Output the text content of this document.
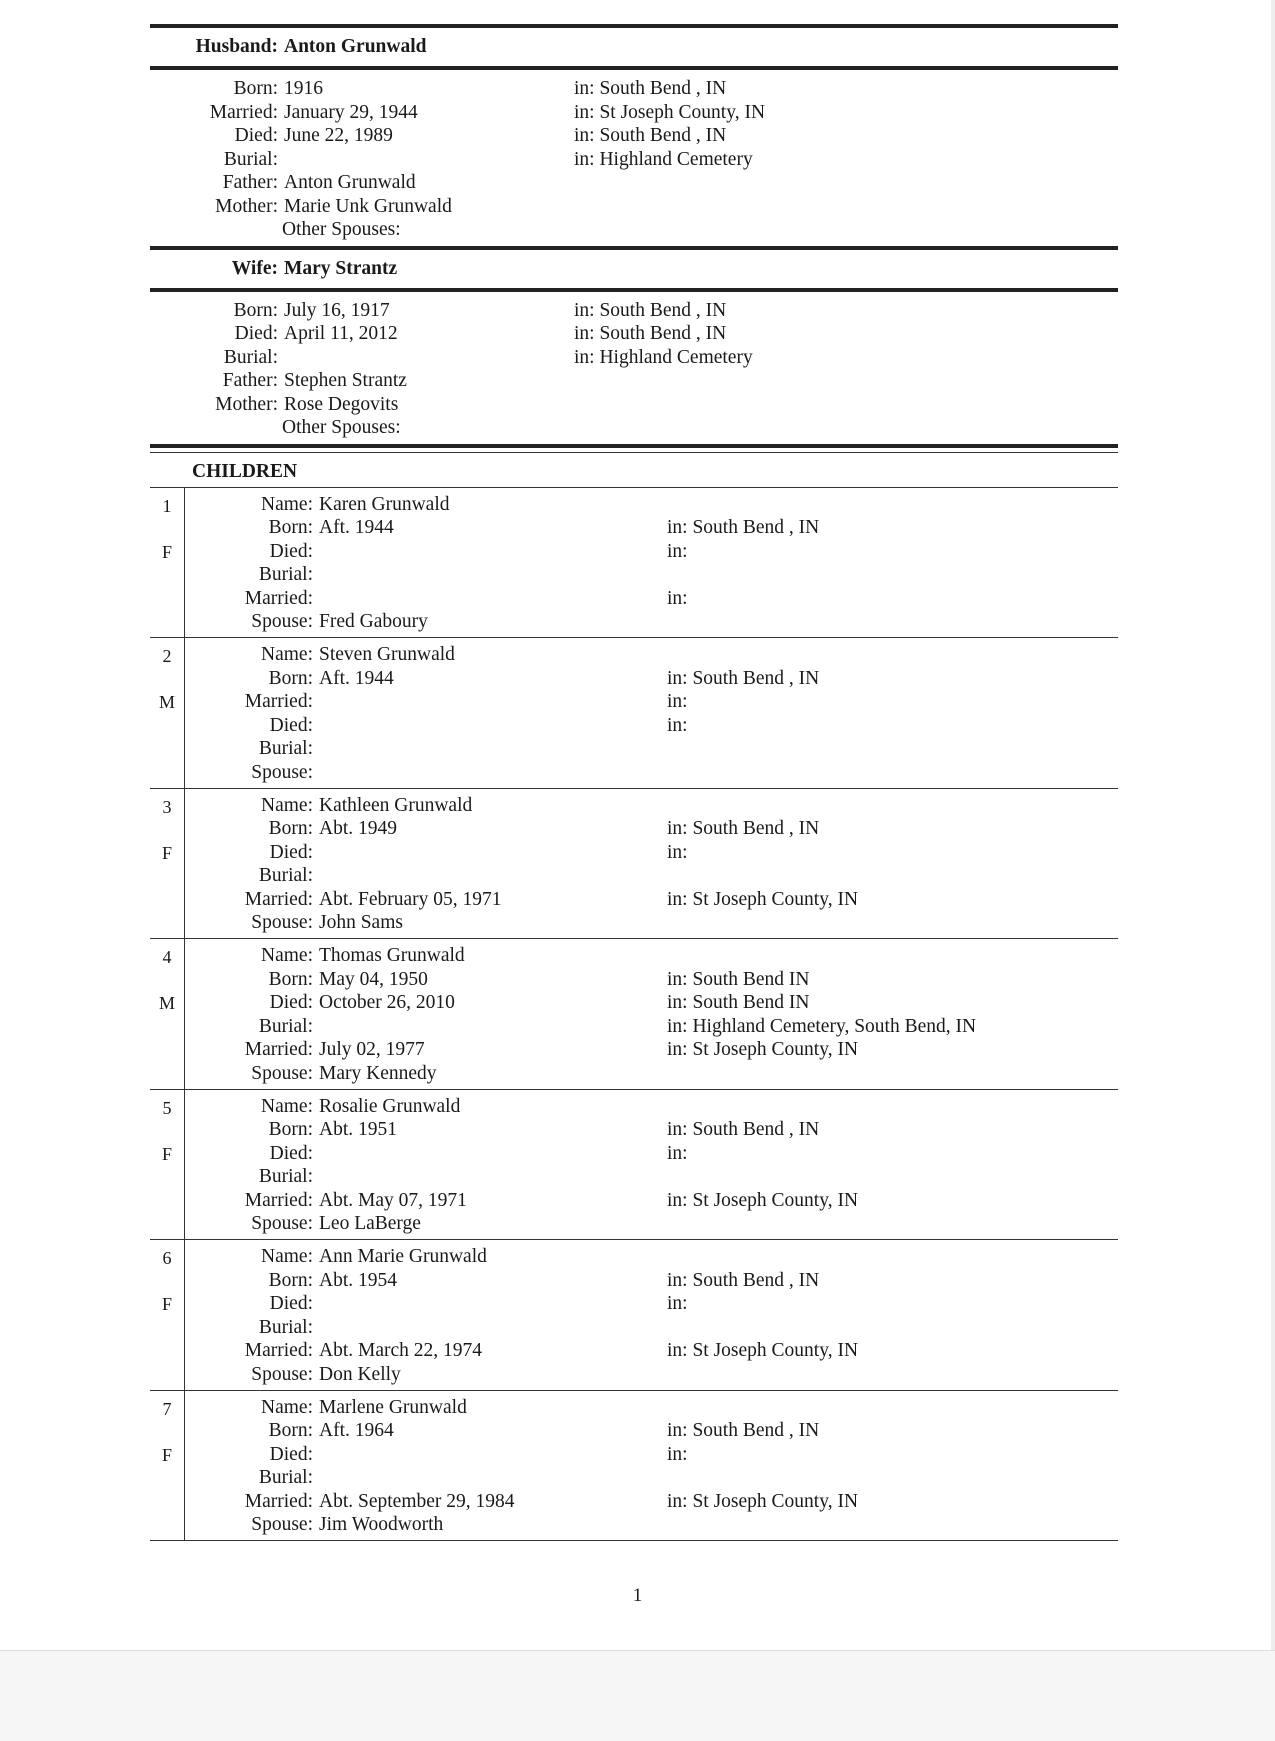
Husband: Anton Grunwald
Born: 1916	in: South Bend , IN
Married: January 29, 1944	in: St Joseph County, IN
Died: June 22, 1989	in: South Bend , IN
Burial:	in: Highland Cemetery
Father: Anton Grunwald
Mother: Marie Unk Grunwald
Other Spouses:
Wife: Mary Strantz
Born: July 16, 1917	in: South Bend , IN
Died: April 11, 2012	in: South Bend , IN
Burial:	in: Highland Cemetery
Father: Stephen Strantz
Mother: Rose Degovits
Other Spouses:
CHILDREN
1
F
Name: Karen Grunwald
Born: Aft. 1944	in: South Bend , IN
Died:	in:
Burial:
Married:	in:
Spouse: Fred Gaboury
2
M
Name: Steven Grunwald
Born: Aft. 1944	in: South Bend , IN
Married:	in:
Died:	in:
Burial:
Spouse:
3
F
Name: Kathleen Grunwald
Born: Abt. 1949	in: South Bend , IN
Died:	in:
Burial:
Married: Abt. February 05, 1971	in: St Joseph County, IN
Spouse: John Sams
4
M
Name: Thomas Grunwald
Born: May 04, 1950	in: South Bend IN
Died: October 26, 2010	in: South Bend IN
Burial:	in: Highland Cemetery, South Bend, IN
Married: July 02, 1977	in: St Joseph County, IN
Spouse: Mary Kennedy
5
F
Name: Rosalie Grunwald
Born: Abt. 1951	in: South Bend , IN
Died:	in:
Burial:
Married: Abt. May 07, 1971	in: St Joseph County, IN
Spouse: Leo LaBerge
6
F
Name: Ann Marie Grunwald
Born: Abt. 1954	in: South Bend , IN
Died:	in:
Burial:
Married: Abt. March 22, 1974	in: St Joseph County, IN
Spouse: Don Kelly
7
F
Name: Marlene Grunwald
Born: Aft. 1964	in: South Bend , IN
Died:	in:
Burial:
Married: Abt. September 29, 1984	in: St Joseph County, IN
Spouse: Jim Woodworth
1
